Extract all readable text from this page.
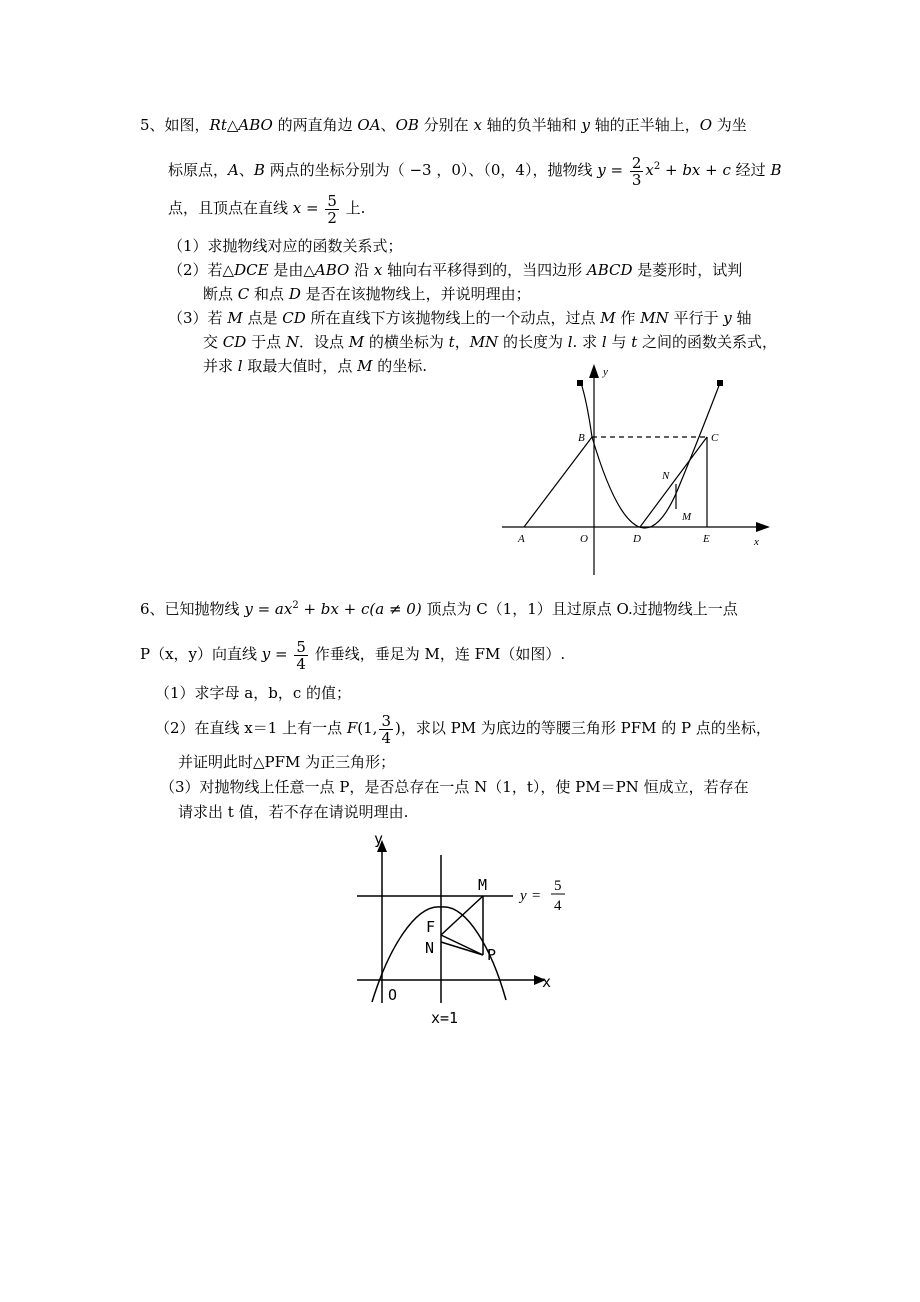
5、如图，Rt△ABO 的两直角边 OA、OB 分别在 x 轴的负半轴和 y 轴的正半轴上，O 为坐
标原点，A、B 两点的坐标分别为（ −3 ，0）、（0，4），抛物线 $y = \frac{2}{3} x^2$ + bx + c 经过 B
点，且顶点在直线 $x = \frac{5}{2}$ 上.
（1）求抛物线对应的函数关系式；
（2）若△DCE 是由△ABO 沿 x 轴向右平移得到的，当四边形 ABCD 是菱形时，试判
断点 C 和点 D 是否在该抛物线上，并说明理由；
（3）若 M 点是 CD 所在直线下方该抛物线上的一个动点，过点 M 作 MN 平行于 y 轴
交 CD 于点 N．设点 M 的横坐标为 t，MN 的长度为 l. 求 l 与 t 之间的函数关系式，
并求 l 取最大值时，点 M 的坐标.	y
x
B	C
N
M
A	O	D	E
6、已知抛物线 $y = ax^2$ + bx + c(a ≠ 0) 顶点为 C（1，1）且过原点 O.过抛物线上一点
P（x，y）向直线 $y = \frac{5}{4}$ 作垂线，垂足为 M，连 FM（如图）.
（1）求字母 a，b，c 的值；
（2）在直线 x＝1 上有一点 F(1, $\frac{3}{4}$ )，求以 PM 为底边的等腰三角形 PFM 的 P 点的坐标，
并证明此时△PFM 为正三角形；
（3）对抛物线上任意一点 P，是否总存在一点 N（1，t），使 PM＝PN 恒成立，若存在
请求出 t 值，若不存在请说明理由.
y
x
M
F
N	P
O
x=1
y =
5
4
